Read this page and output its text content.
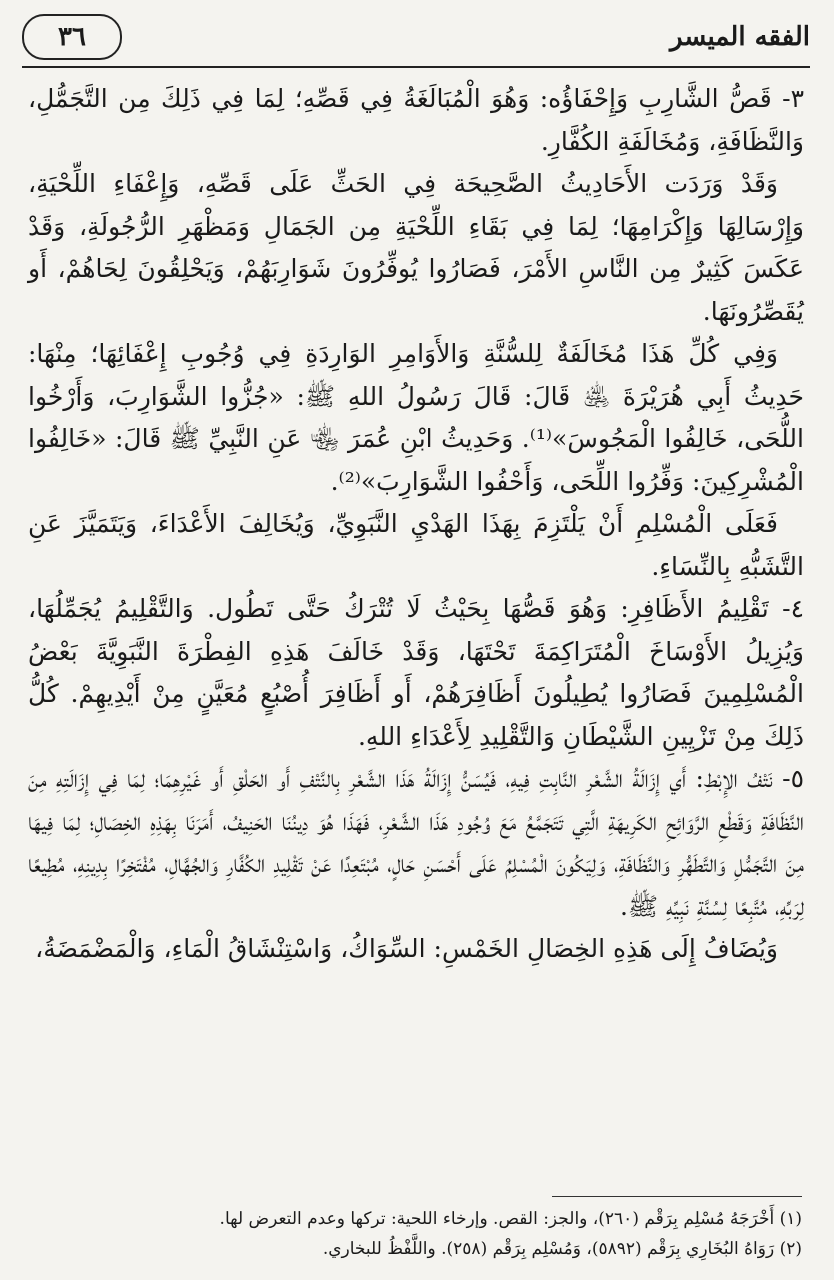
٣٦	الفقه الميسر

٣- قَصُّ الشَّارِبِ وَإِحْفَاؤُه: وَهُوَ الْمُبَالَغَةُ فِي قَصِّهِ؛ لِمَا فِي ذَلِكَ مِن التَّجَمُّلِ، وَالنَّظَافَةِ، وَمُخَالَفَةِ الكُفَّارِ.

وَقَدْ وَرَدَت الأَحَادِيثُ الصَّحِيحَة فِي الحَثِّ عَلَى قَصِّهِ، وَإِعْفَاءِ اللِّحْيَةِ، وَإِرْسَالِهَا وَإِكْرَامِهَا؛ لِمَا فِي بَقَاءِ اللِّحْيَةِ مِن الجَمَالِ وَمَظْهَرِ الرُّجُولَةِ، وَقَدْ عَكَسَ كَثِيرٌ مِن النَّاسِ الأَمْرَ، فَصَارُوا يُوفِّرُونَ شَوَارِبَهُمْ، وَيَحْلِقُونَ لِحَاهُمْ، أَو يُقَصِّرُونَهَا.

وَفِي كُلِّ هَذَا مُخَالَفَةٌ لِلسُّنَّةِ وَالأَوَامِرِ الوَارِدَةِ فِي وُجُوبِ إِعْفَائِهَا؛ مِنْهَا: حَدِيثُ أَبِي هُرَيْرَةَ ﵁ قَالَ: قَالَ رَسُولُ اللهِ ﷺ: «جُزُّوا الشَّوَارِبَ، وَأَرْخُوا اللُّحَى، خَالِفُوا الْمَجُوسَ»⁽¹⁾. وَحَدِيثُ ابْنِ عُمَرَ ﵄ عَنِ النَّبِيِّ ﷺ قَالَ: «خَالِفُوا الْمُشْرِكِينَ: وَفِّرُوا اللِّحَى، وَأَحْفُوا الشَّوَارِبَ»⁽²⁾.

فَعَلَى الْمُسْلِمِ أَنْ يَلْتَزِمَ بِهَذَا الهَدْيِ النَّبَوِيِّ، وَيُخَالِفَ الأَعْدَاءَ، وَيَتَمَيَّزَ عَنِ التَّشَبُّهِ بِالنِّسَاءِ.

٤- تَقْلِيمُ الأَظَافِرِ: وَهُوَ قَصُّهَا بِحَيْثُ لَا تُتْرَكُ حَتَّى تَطُول. وَالتَّقْلِيمُ يُجَمِّلُهَا، وَيُزِيلُ الأَوْسَاخَ الْمُتَرَاكِمَةَ تَحْتَهَا، وَقَدْ خَالَفَ هَذِهِ الفِطْرَةَ النَّبَوِيَّةَ بَعْضُ الْمُسْلِمِينَ فَصَارُوا يُطِيلُونَ أَظَافِرَهُمْ، أَو أَظَافِرَ أُصْبُعٍ مُعَيَّنٍ مِنْ أَيْدِيهِمْ. كُلُّ ذَلِكَ مِنْ تَزْيِينِ الشَّيْطَانِ وَالتَّقْلِيدِ لِأَعْدَاءِ اللهِ.

٥- نَتْفُ الإِبْطِ: أَي إِزَالَةُ الشَّعْرِ النَّابِتِ فِيهِ، فَيُسَنُّ إِزَالَةُ هَذَا الشَّعْرِ بِالنَّتْفِ أَو الحَلْقِ أَو غَيْرِهِمَا؛ لِمَا فِي إِزَالَتِهِ مِنَ النَّظَافَةِ وَقَطْعِ الرَّوَائِحِ الكَرِيهَةِ الَّتِي تَتَجَمَّعُ مَعَ وُجُودِ هَذَا الشَّعْرِ، فَهَذَا هُوَ دِينُنَا الحَنِيفُ، أَمَرَنَا بِهَذِهِ الخِصَالِ؛ لِمَا فِيهَا مِنَ التَّجَمُّلِ وَالتَّطَهُّرِ وَالنَّظَافَةِ، وَلِيَكُونَ الْمُسْلِمُ عَلَى أَحْسَنِ حَالٍ، مُبْتَعِدًا عَنْ تَقْلِيدِ الكُفَّارِ وَالجُهَّالِ، مُفْتَخِرًا بِدِينِهِ، مُطِيعًا لِرَبِّهِ، مُتَّبِعًا لِسُنَّةِ نَبِيِّهِ ﷺ.

وَيُضَافُ إِلَى هَذِهِ الخِصَالِ الخَمْسِ: السِّوَاكُ، وَاسْتِنْشَاقُ الْمَاءِ، وَالْمَضْمَضَةُ،

(١) أَخْرَجَهُ مُسْلِم بِرَقْم (٢٦٠)، والجز: القص. وإرخاء اللحية: تركها وعدم التعرض لها.
(٢) رَوَاهُ البُخَارِي بِرَقْم (٥٨٩٢)، وَمُسْلِم بِرَقْم (٢٥٨). واللَّفْظُ للبخاري.
